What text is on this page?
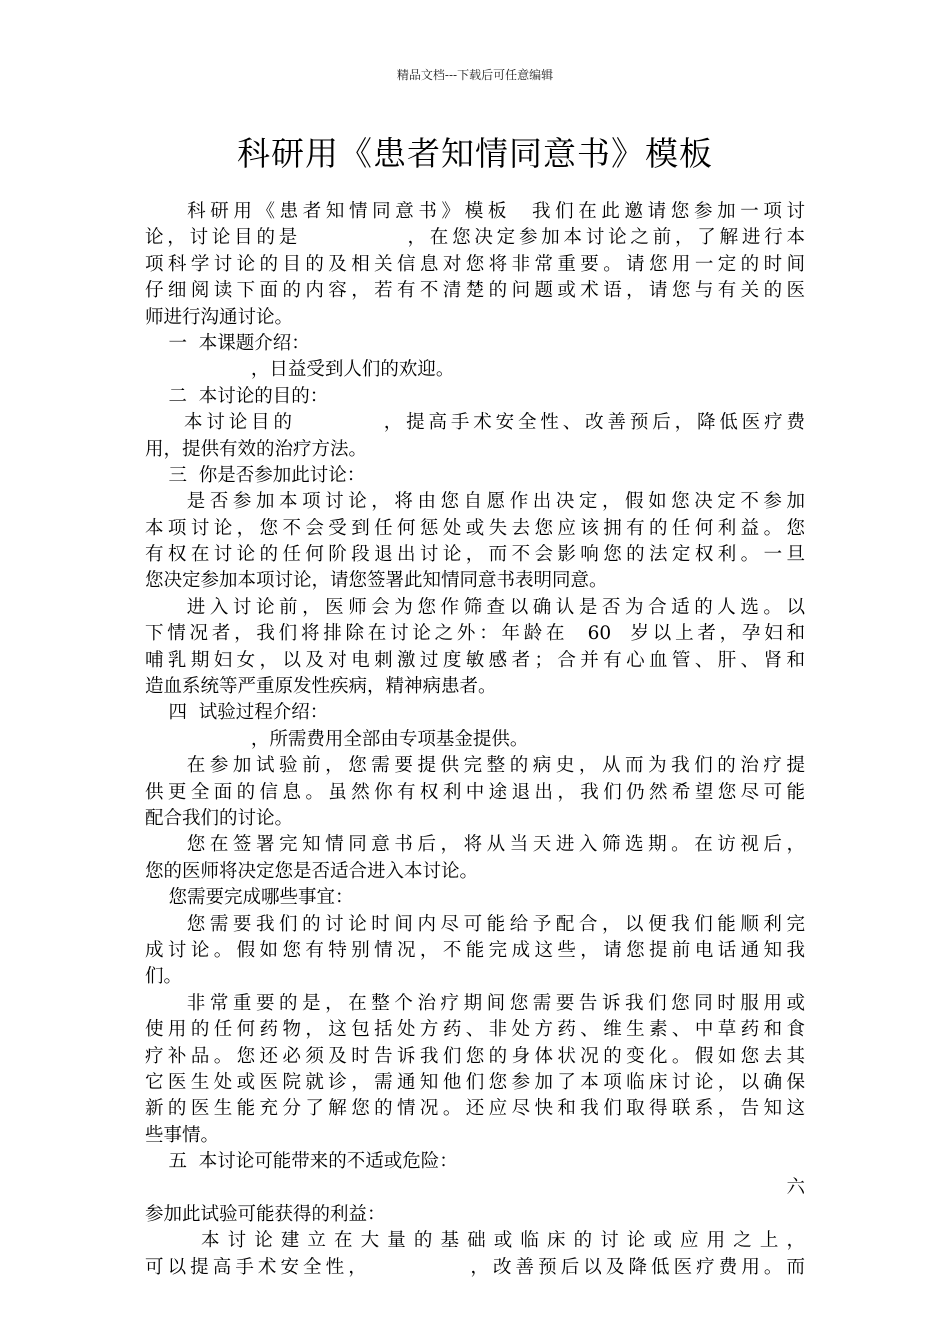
精品文档---下载后可任意编辑
科研用《患者知情同意书》模板
科研用《患者知情同意书》模板  我们在此邀请您参加一项讨
论，讨论目的是           ，在您决定参加本讨论之前，了解进行本
项科学讨论的目的及相关信息对您将非常重要。请您用一定的时间
仔细阅读下面的内容，若有不清楚的问题或术语，请您与有关的医
师进行沟通讨论。
一  本课题介绍：
，日益受到人们的欢迎。
二  本讨论的目的：
本讨论目的         ，提高手术安全性、改善预后，降低医疗费
用，提供有效的治疗方法。
三  你是否参加此讨论：
是否参加本项讨论，将由您自愿作出决定，假如您决定不参加
本项讨论，您不会受到任何惩处或失去您应该拥有的任何利益。您
有权在讨论的任何阶段退出讨论，而不会影响您的法定权利。一旦
您决定参加本项讨论，请您签署此知情同意书表明同意。
进入讨论前，医师会为您作筛查以确认是否为合适的人选。以
下情况者，我们将排除在讨论之外：年龄在  60  岁以上者，孕妇和
哺乳期妇女，以及对电刺激过度敏感者；合并有心血管、肝、肾和
造血系统等严重原发性疾病，精神病患者。
四  试验过程介绍：
，所需费用全部由专项基金提供。
在参加试验前，您需要提供完整的病史，从而为我们的治疗提
供更全面的信息。虽然你有权利中途退出，我们仍然希望您尽可能
配合我们的讨论。
您在签署完知情同意书后，将从当天进入筛选期。在访视后，
您的医师将决定您是否适合进入本讨论。
您需要完成哪些事宜：
您需要我们的讨论时间内尽可能给予配合，以便我们能顺利完
成讨论。假如您有特别情况，不能完成这些，请您提前电话通知我
们。
非常重要的是，在整个治疗期间您需要告诉我们您同时服用或
使用的任何药物，这包括处方药、非处方药、维生素、中草药和食
疗补品。您还必须及时告诉我们您的身体状况的变化。假如您去其
它医生处或医院就诊，需通知他们您参加了本项临床讨论，以确保
新的医生能充分了解您的情况。还应尽快和我们取得联系，告知这
些事情。
五  本讨论可能带来的不适或危险：
六
参加此试验可能获得的利益：
本讨论建立在大量的基础或临床的讨论或应用之上，
可以提高手术安全性，          ，改善预后以及降低医疗费用。而
